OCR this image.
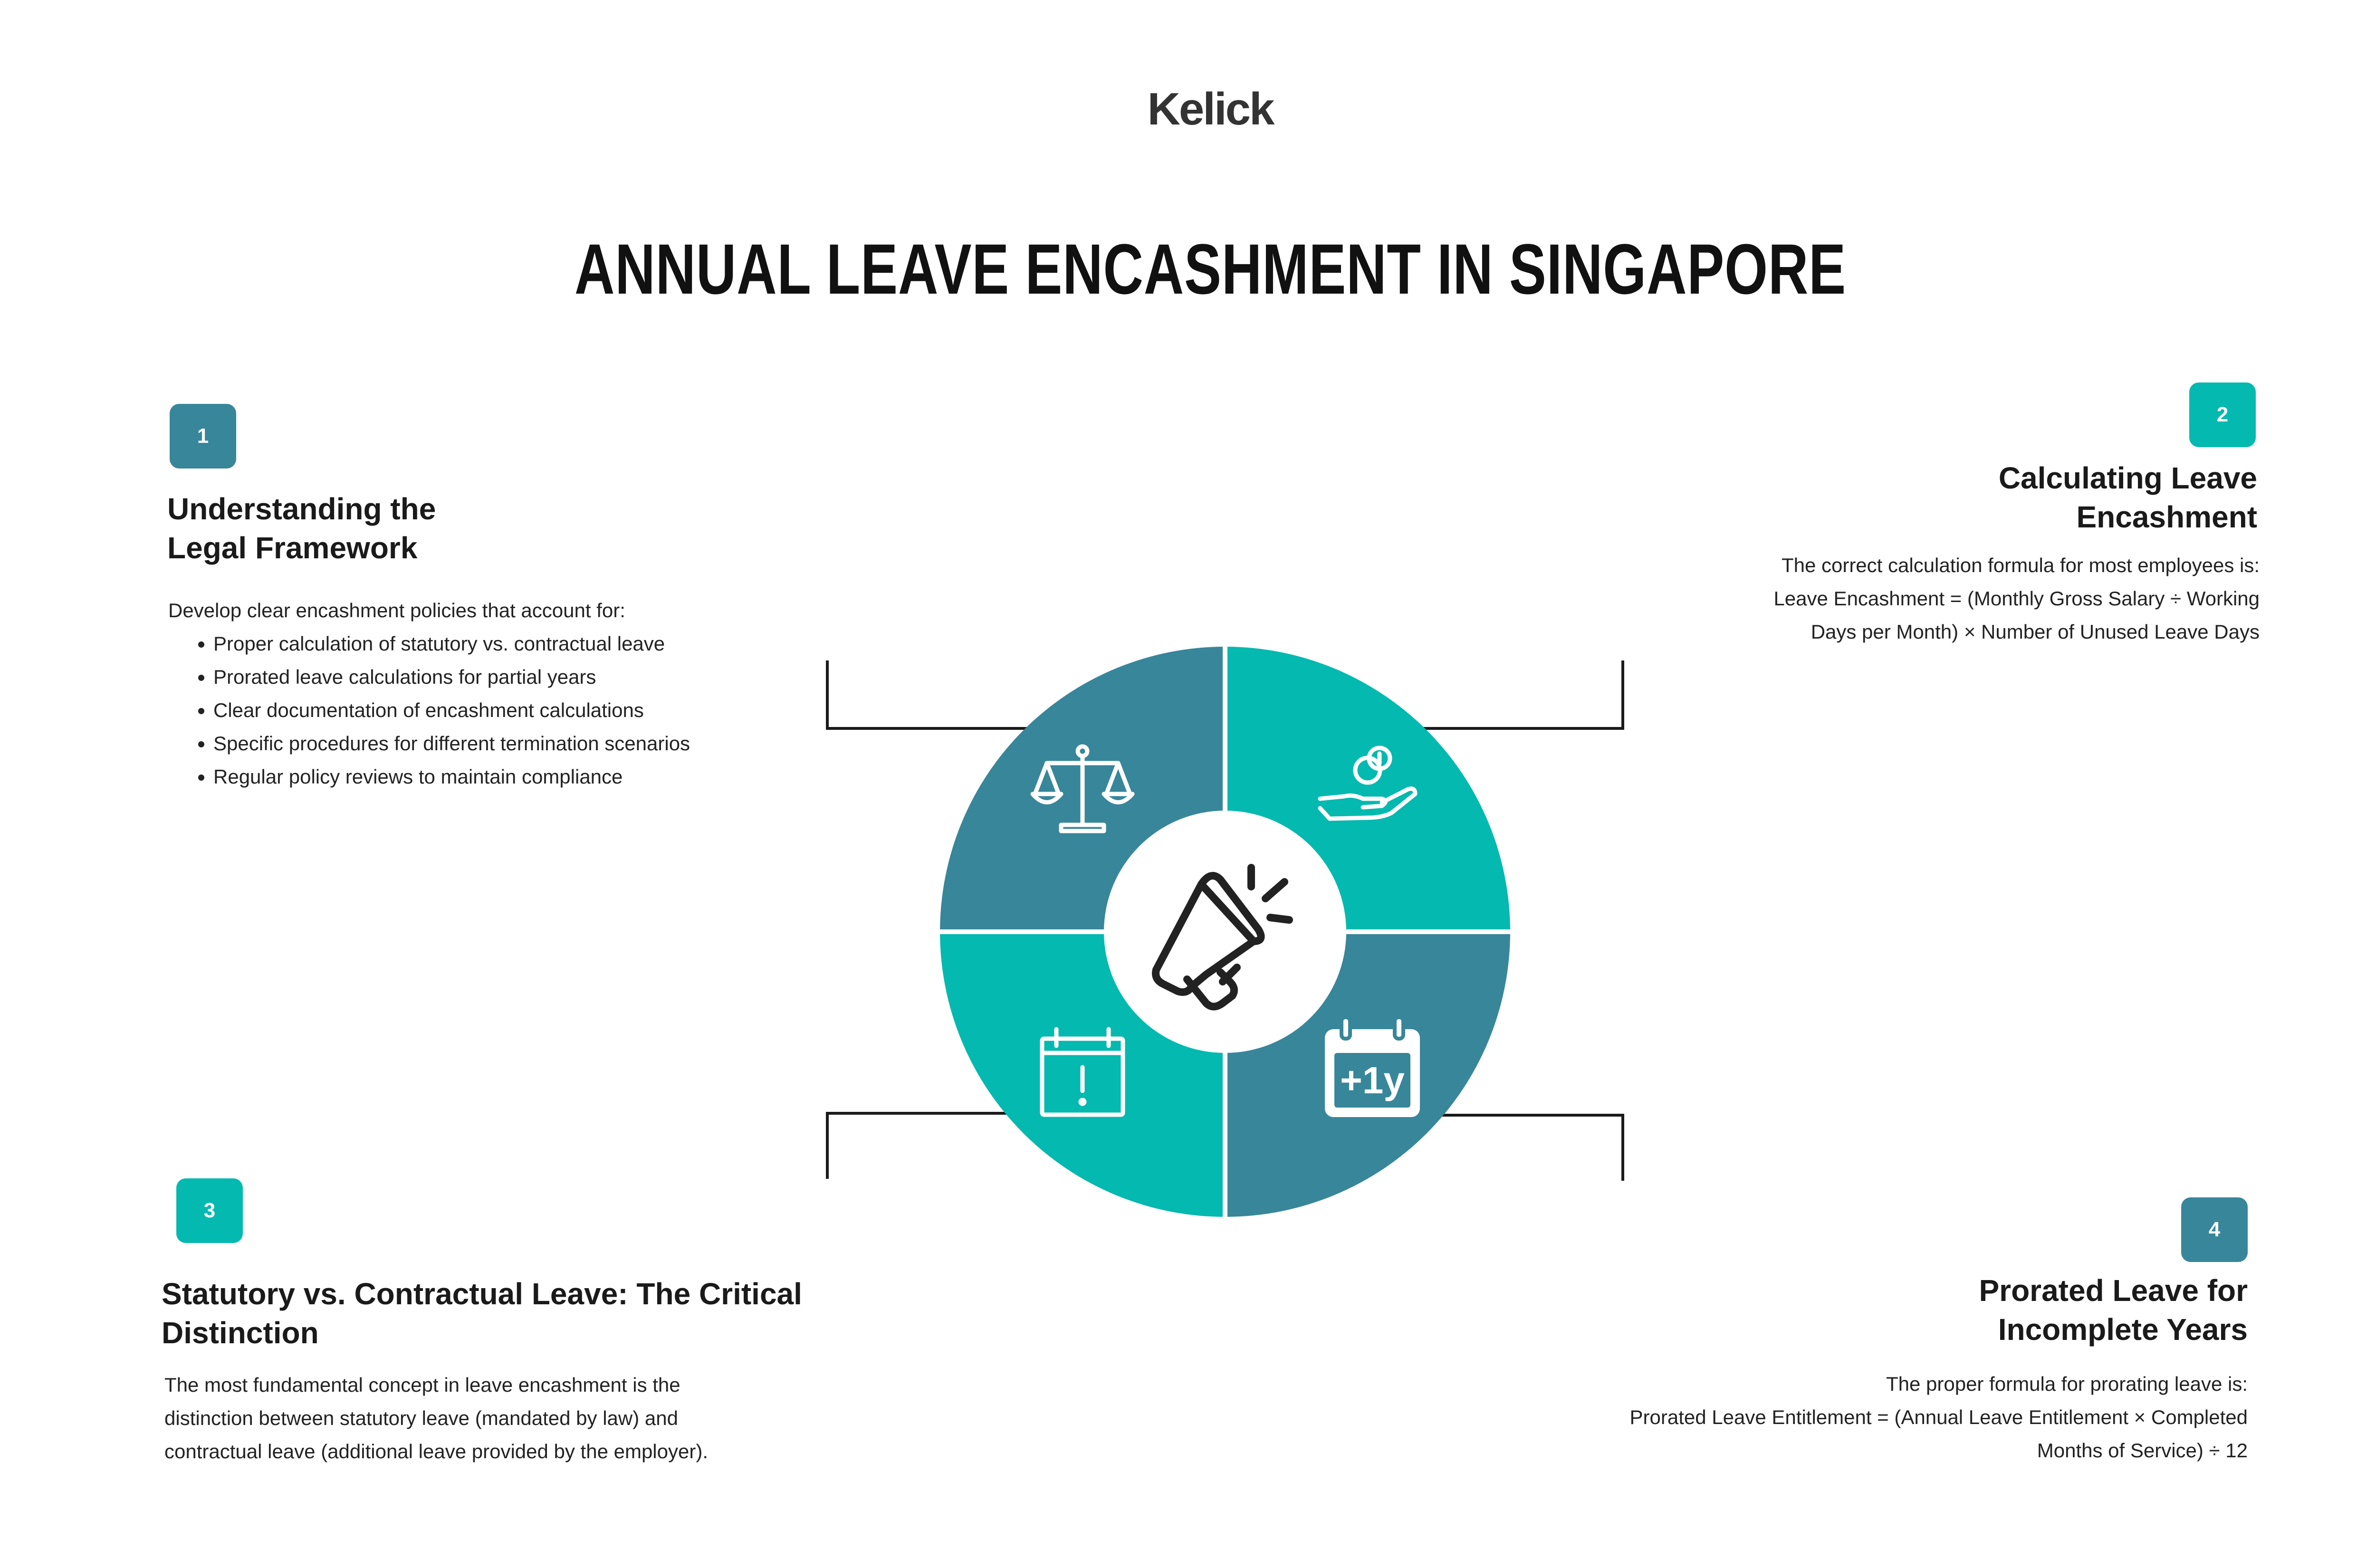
Kelick
ANNUAL LEAVE ENCASHMENT IN SINGAPORE
1
Understanding the
Legal Framework
Develop clear encashment policies that account for:
• Proper calculation of statutory vs. contractual leave
• Prorated leave calculations for partial years
• Clear documentation of encashment calculations
• Specific procedures for different termination scenarios
• Regular policy reviews to maintain compliance
2
Calculating Leave
Encashment
The correct calculation formula for most employees is:
Leave Encashment = (Monthly Gross Salary ÷ Working
Days per Month) × Number of Unused Leave Days
3
Statutory vs. Contractual Leave: The Critical
Distinction
The most fundamental concept in leave encashment is the
distinction between statutory leave (mandated by law) and
contractual leave (additional leave provided by the employer).
4
Prorated Leave for
Incomplete Years
The proper formula for prorating leave is:
Prorated Leave Entitlement = (Annual Leave Entitlement × Completed
Months of Service) ÷ 12
+1y
